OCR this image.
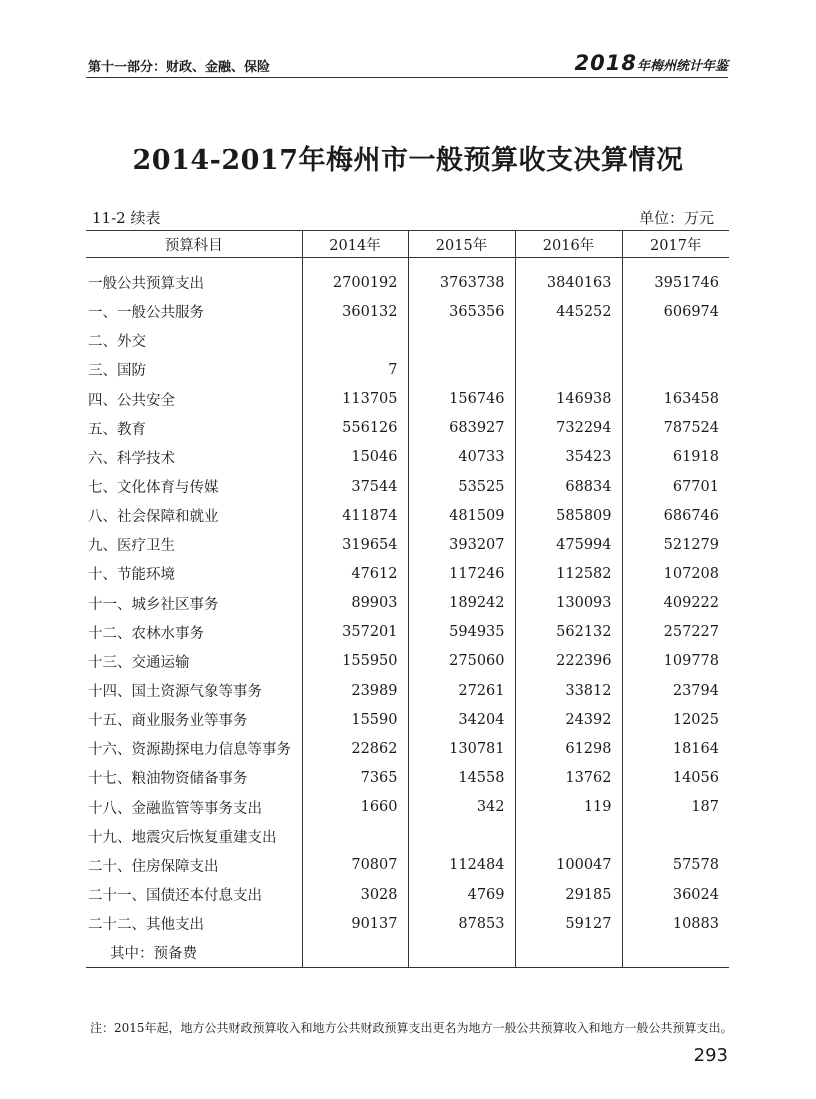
第十一部分：财政、金融、保险	2018年梅州统计年鉴
2014-2017年梅州市一般预算收支决算情况
11-2 续表	单位：万元
预算科目	2014年	2015年	2016年	2017年

一般公共预算支出	2700192	3763738	3840163	3951746
一、一般公共服务	360132	365356	445252	606974
二、外交				
三、国防	7			
四、公共安全	113705	156746	146938	163458
五、教育	556126	683927	732294	787524
六、科学技术	15046	40733	35423	61918
七、文化体育与传媒	37544	53525	68834	67701
八、社会保障和就业	411874	481509	585809	686746
九、医疗卫生	319654	393207	475994	521279
十、节能环境	47612	117246	112582	107208
十一、城乡社区事务	89903	189242	130093	409222
十二、农林水事务	357201	594935	562132	257227
十三、交通运输	155950	275060	222396	109778
十四、国土资源气象等事务	23989	27261	33812	23794
十五、商业服务业等事务	15590	34204	24392	12025
十六、资源勘探电力信息等事务	22862	130781	61298	18164
十七、粮油物资储备事务	7365	14558	13762	14056
十八、金融监管等事务支出	1660	342	119	187
十九、地震灾后恢复重建支出				
二十、住房保障支出	70807	112484	100047	57578
二十一、国债还本付息支出	3028	4769	29185	36024
二十二、其他支出	90137	87853	59127	10883
其中：预备费				
注：2015年起，地方公共财政预算收入和地方公共财政预算支出更名为地方一般公共预算收入和地方一般公共预算支出。
293
